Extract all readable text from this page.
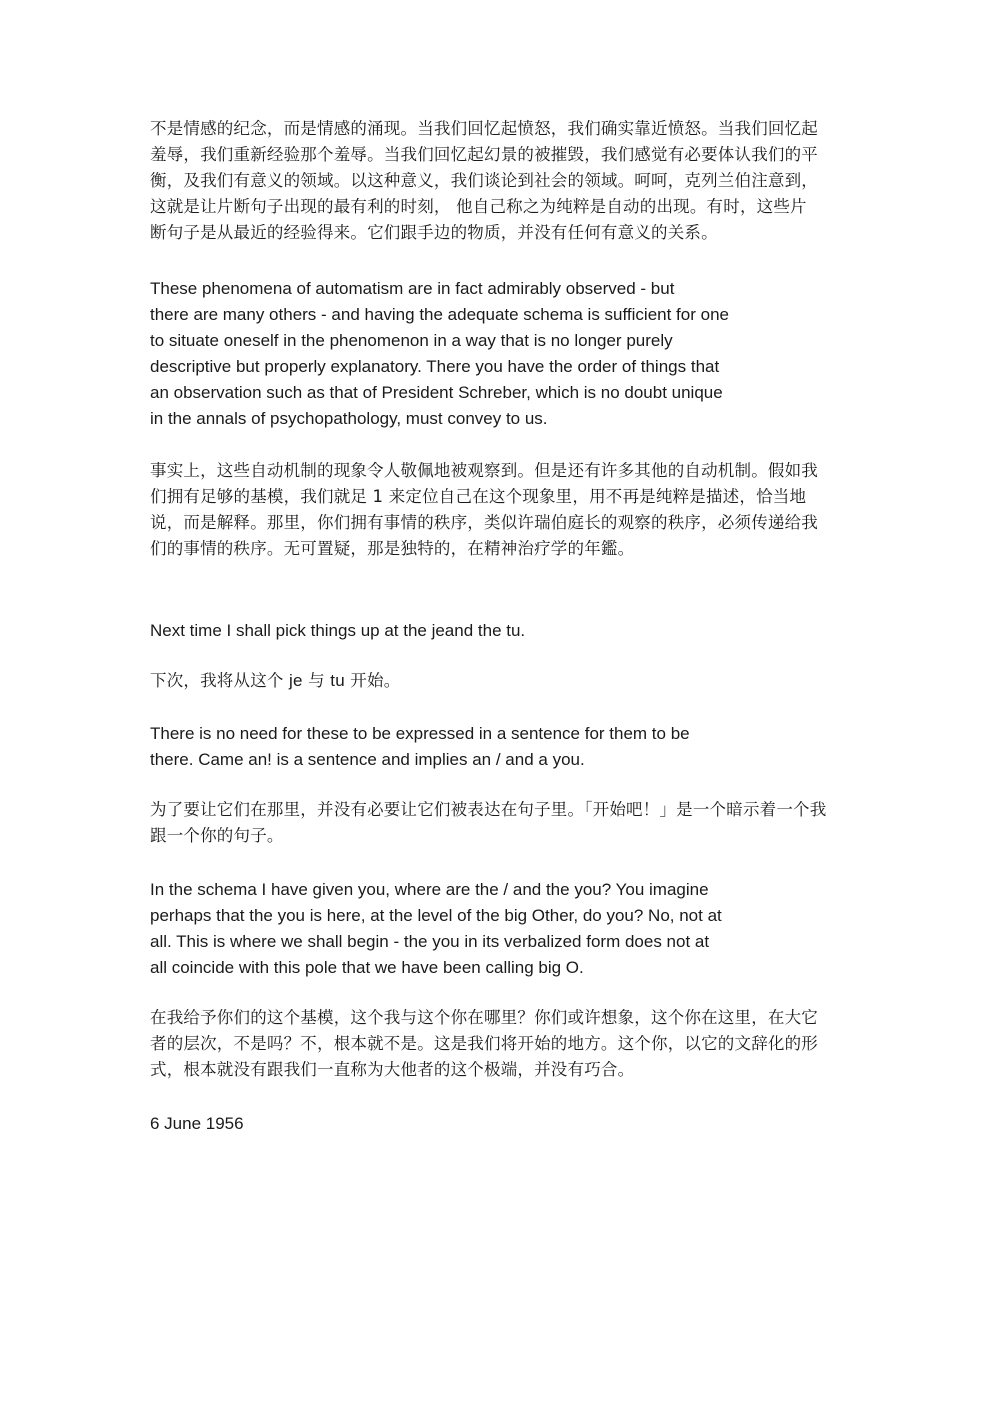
不是情感的纪念，而是情感的涌现。当我们回忆起愤怒，我们确实靠近愤怒。当我们回忆起
羞辱，我们重新经验那个羞辱。当我们回忆起幻景的被摧毁，我们感觉有必要体认我们的平
衡，及我们有意义的领域。以这种意义，我们谈论到社会的领域。呵呵，克列兰伯注意到，
这就是让片断句子出现的最有利的时刻， 他自己称之为纯粹是自动的出现。有时，这些片
断句子是从最近的经验得来。它们跟手边的物质，并没有任何有意义的关系。

These phenomena of automatism are in fact admirably observed - but
there are many others - and having the adequate schema is sufficient for one
to situate oneself in the phenomenon in a way that is no longer purely
descriptive but properly explanatory. There you have the order of things that
an observation such as that of President Schreber, which is no doubt unique
in the annals of psychopathology, must convey to us.

事实上，这些自动机制的现象令人敬佩地被观察到。但是还有许多其他的自动机制。假如我
们拥有足够的基模，我们就足 1 来定位自己在这个现象里，用不再是纯粹是描述，恰当地
说，而是解释。那里，你们拥有事情的秩序，类似许瑞伯庭长的观察的秩序，必须传递给我
们的事情的秩序。无可置疑，那是独特的，在精神治疗学的年鑑。

Next time I shall pick things up at the jeand the tu.

下次，我将从这个 je 与 tu 开始。

There is no need for these to be expressed in a sentence for them to be
there. Came an! is a sentence and implies an / and a you.

为了要让它们在那里，并没有必要让它们被表达在句子里。「开始吧！」是一个暗示着一个我
跟一个你的句子。

In the schema I have given you, where are the / and the you? You imagine
perhaps that the you is here, at the level of the big Other, do you? No, not at
all. This is where we shall begin - the you in its verbalized form does not at
all coincide with this pole that we have been calling big O.

在我给予你们的这个基模，这个我与这个你在哪里？你们或许想象，这个你在这里，在大它
者的层次，不是吗？不，根本就不是。这是我们将开始的地方。这个你，以它的文辞化的形
式，根本就没有跟我们一直称为大他者的这个极端，并没有巧合。

6 June 1956
